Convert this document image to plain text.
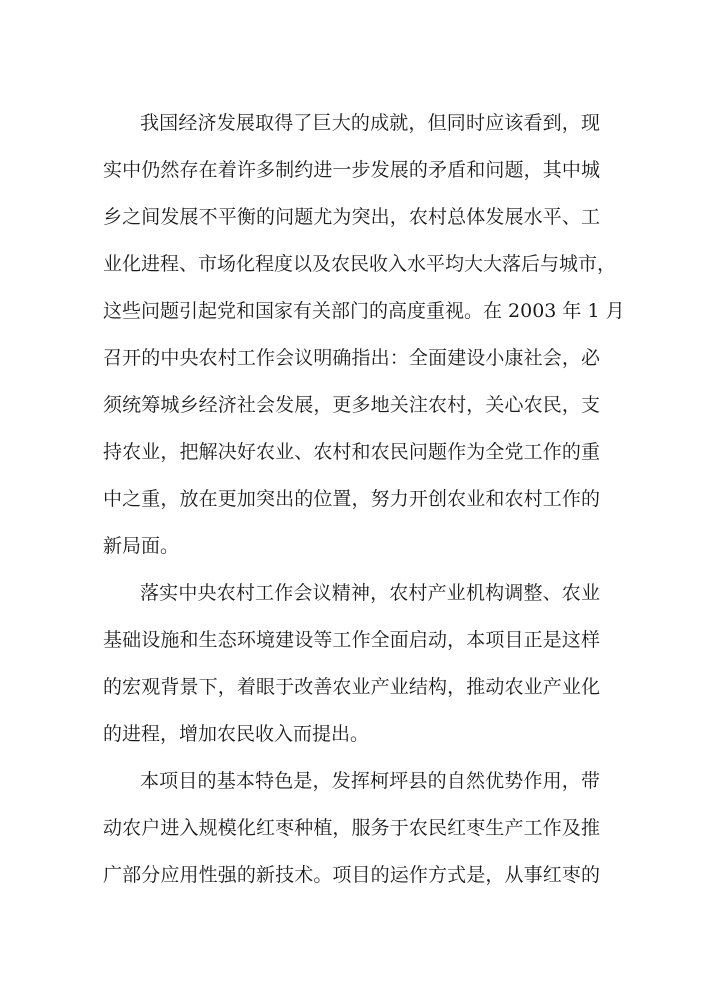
我国经济发展取得了巨大的成就，但同时应该看到，现
实中仍然存在着许多制约进一步发展的矛盾和问题，其中城
乡之间发展不平衡的问题尤为突出，农村总体发展水平、工
业化进程、市场化程度以及农民收入水平均大大落后与城市，
这些问题引起党和国家有关部门的高度重视。在 2003 年 1 月
召开的中央农村工作会议明确指出：全面建设小康社会，必
须统筹城乡经济社会发展，更多地关注农村，关心农民，支
持农业，把解决好农业、农村和农民问题作为全党工作的重
中之重，放在更加突出的位置，努力开创农业和农村工作的
新局面。
落实中央农村工作会议精神，农村产业机构调整、农业
基础设施和生态环境建设等工作全面启动，本项目正是这样
的宏观背景下，着眼于改善农业产业结构，推动农业产业化
的进程，增加农民收入而提出。
本项目的基本特色是，发挥柯坪县的自然优势作用，带
动农户进入规模化红枣种植，服务于农民红枣生产工作及推
广部分应用性强的新技术。项目的运作方式是，从事红枣的
